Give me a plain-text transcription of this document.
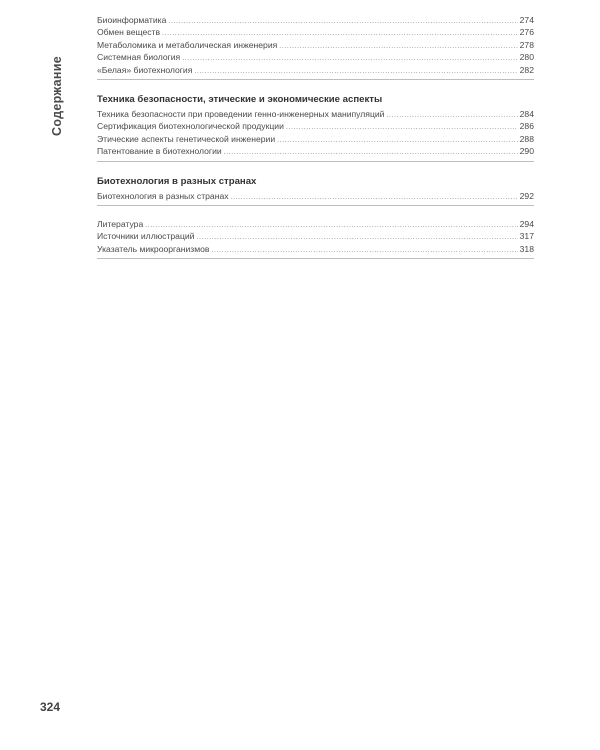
Содержание
Биоинформатика .....	274
Обмен веществ .....	276
Метаболомика и метаболическая инженерия .....	278
Системная биология .....	280
«Белая» биотехнология .....	282
Техника безопасности, этические и экономические аспекты
Техника безопасности при проведении генно-инженерных манипуляций .....	284
Сертификация биотехнологической продукции .....	286
Этические аспекты генетической инженерии .....	288
Патентование в биотехнологии .....	290
Биотехнология в разных странах
Биотехнология в разных странах .....	292
Литература .....	294
Источники иллюстраций .....	317
Указатель микроорганизмов .....	318
324
